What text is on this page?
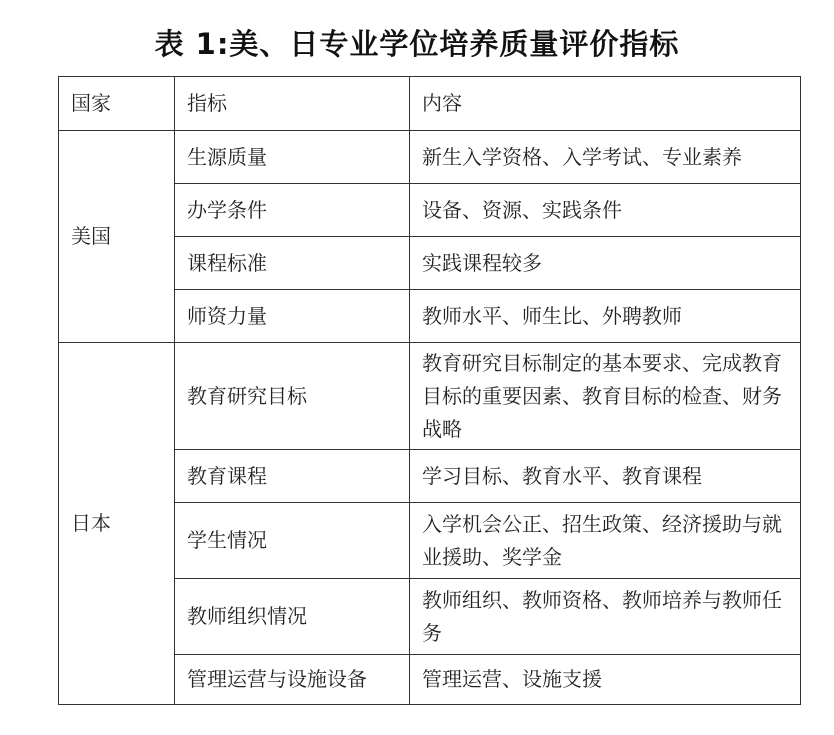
表 1:美、日专业学位培养质量评价指标
国家	指标	内容
美国	生源质量	新生入学资格、入学考试、专业素养
	办学条件	设备、资源、实践条件
	课程标准	实践课程较多
	师资力量	教师水平、师生比、外聘教师
日本	教育研究目标	教育研究目标制定的基本要求、完成教育目标的重要因素、教育目标的检查、财务战略
	教育课程	学习目标、教育水平、教育课程
	学生情况	入学机会公正、招生政策、经济援助与就业援助、奖学金
	教师组织情况	教师组织、教师资格、教师培养与教师任务
	管理运营与设施设备	管理运营、设施支援
